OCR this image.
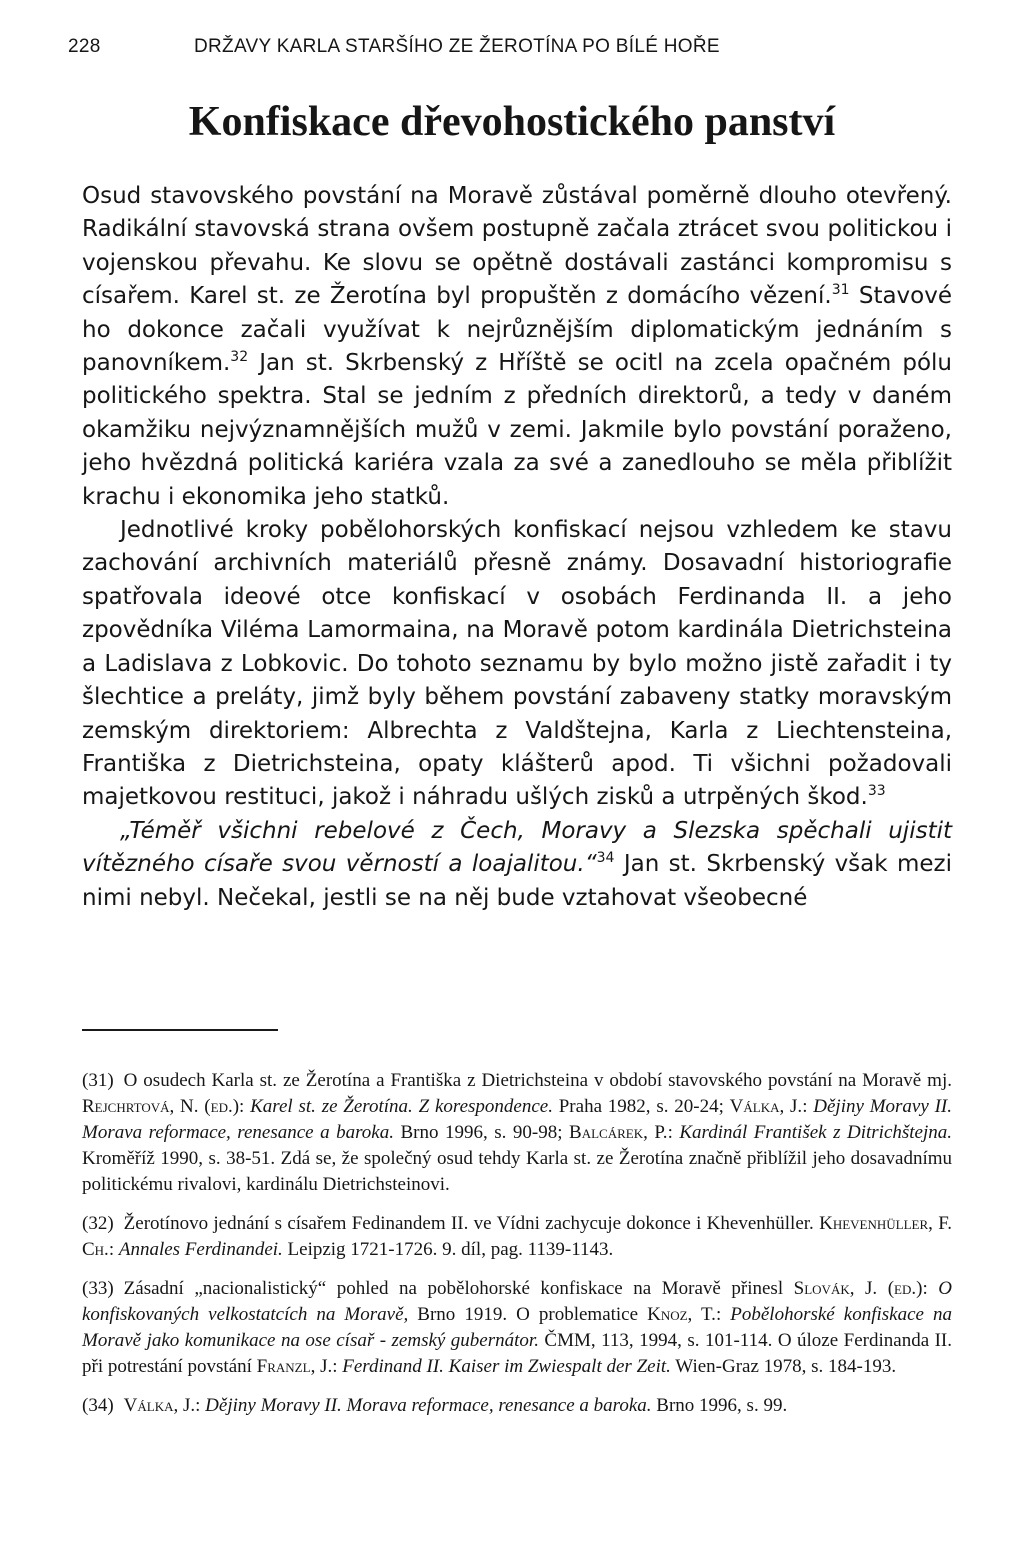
228	DRŽAVY KARLA STARŠÍHO ZE ŽEROTÍNA PO BÍLÉ HOŘE
Konfiskace dřevohostického panství

Osud stavovského povstání na Moravě zůstával poměrně dlouho otevřený. Radikální stavovská strana ovšem postupně začala ztrácet svou politickou i vojenskou převahu. Ke slovu se opětně dostávali zastánci kompromisu s císařem. Karel st. ze Žerotína byl propuštěn z domácího vězení.$^{31}$ Stavové ho dokonce začali využívat k nejrůznějším diplomatickým jednáním s panovníkem.$^{32}$ Jan st. Skrbenský z Hříště se ocitl na zcela opačném pólu politického spektra. Stal se jedním z předních direktorů, a tedy v daném okamžiku nejvýznamnějších mužů v zemi. Jakmile bylo povstání poraženo, jeho hvězdná politická kariéra vzala za své a zanedlouho se měla přiblížit krachu i ekonomika jeho statků.

Jednotlivé kroky pobělohorských konfiskací nejsou vzhledem ke stavu zachování archivních materiálů přesně známy. Dosavadní historiografie spatřovala ideové otce konfiskací v osobách Ferdinanda II. a jeho zpovědníka Viléma Lamormaina, na Moravě potom kardinála Dietrichsteina a Ladislava z Lobkovic. Do tohoto seznamu by bylo možno jistě zařadit i ty šlechtice a preláty, jimž byly během povstání zabaveny statky moravským zemským direktoriem: Albrechta z Valdštejna, Karla z Liechtensteina, Františka z Dietrichsteina, opaty klášterů apod. Ti všichni požadovali majetkovou restituci, jakož i náhradu ušlých zisků a utrpěných škod.$^{33}$

„Téměř všichni rebelové z Čech, Moravy a Slezska spěchali ujistit vítězného císaře svou věrností a loajalitou.“$^{34}$ Jan st. Skrbenský však mezi nimi nebyl. Nečekal, jestli se na něj bude vztahovat všeobecné

(31) O osudech Karla st. ze Žerotína a Františka z Dietrichsteina v období stavovského povstání na Moravě mj. Rejchrtová, N. (ed.): Karel st. ze Žerotína. Z korespondence. Praha 1982, s. 20-24; Válka, J.: Dějiny Moravy II. Morava reformace, renesance a baroka. Brno 1996, s. 90-98; Balcárek, P.: Kardinál František z Ditrichštejna. Kroměříž 1990, s. 38-51. Zdá se, že společný osud tehdy Karla st. ze Žerotína značně přiblížil jeho dosavadnímu politickému rivalovi, kardinálu Dietrichsteinovi.

(32) Žerotínovo jednání s císařem Fedinandem II. ve Vídni zachycuje dokonce i Khevenhüller. Khevenhüller, F. Ch.: Annales Ferdinandei. Leipzig 1721-1726. 9. díl, pag. 1139-1143.

(33) Zásadní „nacionalistický“ pohled na pobělohorské konfiskace na Moravě přinesl Slovák, J. (ed.): O konfiskovaných velkostatcích na Moravě, Brno 1919. O problematice Knoz, T.: Pobělohorské konfiskace na Moravě jako komunikace na ose císař - zemský gubernátor. ČMM, 113, 1994, s. 101-114. O úloze Ferdinanda II. při potrestání povstání Franzl, J.: Ferdinand II. Kaiser im Zwiespalt der Zeit. Wien-Graz 1978, s. 184-193.

(34) Válka, J.: Dějiny Moravy II. Morava reformace, renesance a baroka. Brno 1996, s. 99.
